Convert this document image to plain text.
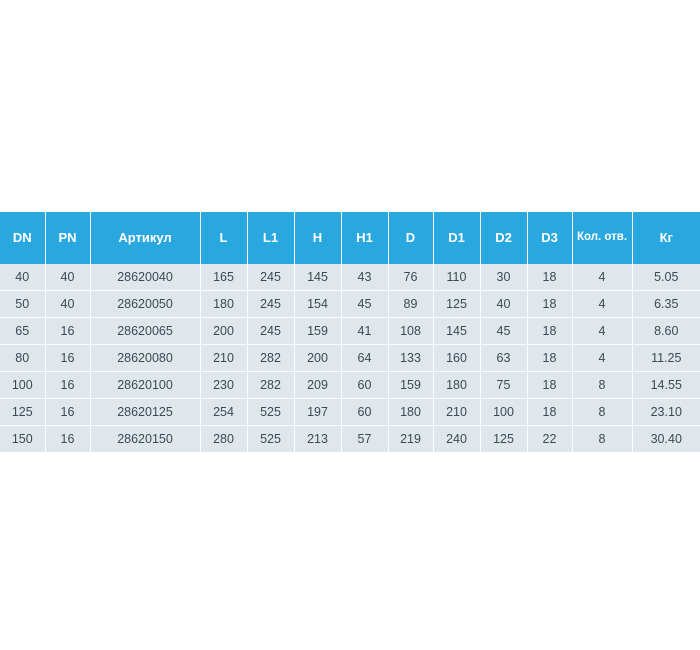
DN	PN	Артикул	L	L1	H	H1	D	D1	D2	D3	Кол. отв.	Кг
40	40	28620040	165	245	145	43	76	110	30	18	4	5.05
50	40	28620050	180	245	154	45	89	125	40	18	4	6.35
65	16	28620065	200	245	159	41	108	145	45	18	4	8.60
80	16	28620080	210	282	200	64	133	160	63	18	4	11.25
100	16	28620100	230	282	209	60	159	180	75	18	8	14.55
125	16	28620125	254	525	197	60	180	210	100	18	8	23.10
150	16	28620150	280	525	213	57	219	240	125	22	8	30.40
